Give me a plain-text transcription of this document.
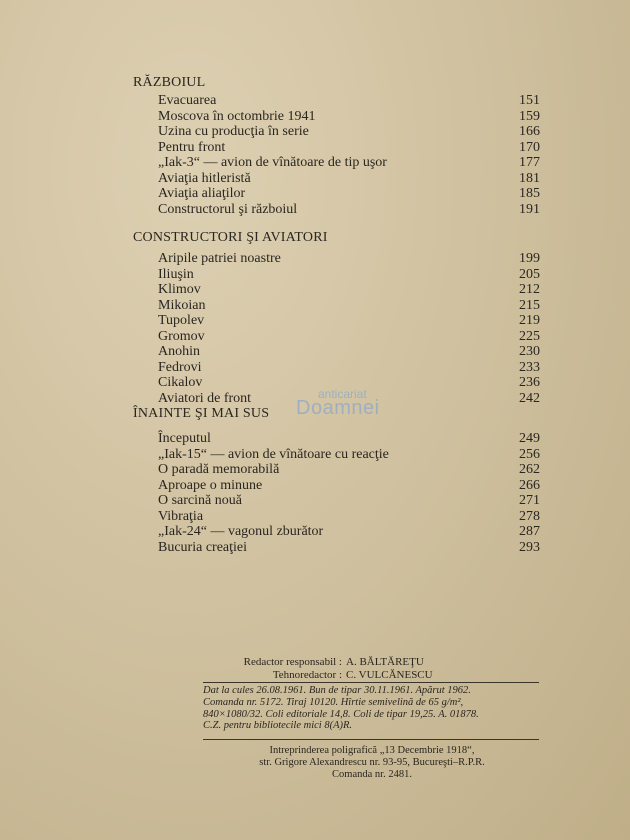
RĂZBOIUL
Evacuarea	151
Moscova în octombrie 1941	159
Uzina cu producţia în serie	166
Pentru front	170
„Iak-3“ — avion de vînătoare de tip uşor	177
Aviaţia hitleristă	181
Aviaţia aliaţilor	185
Constructorul şi războiul	191
CONSTRUCTORI ŞI AVIATORI
Aripile patriei noastre	199
Iliuşin	205
Klimov	212
Mikoian	215
Tupolev	219
Gromov	225
Anohin	230
Fedrovi	233
Cikalov	236
Aviatori de front	242
anticariat
Doamnei
ÎNAINTE ŞI MAI SUS
Începutul	249
„Iak-15“ — avion de vînătoare cu reacţie	256
O paradă memorabilă	262
Aproape o minune	266
O sarcină nouă	271
Vibraţia	278
„Iak-24“ — vagonul zburător	287
Bucuria creaţiei	293
Redactor responsabil : A. BĂLTĂREŢU
Tehnoredactor : C. VULCĂNESCU
Dat la cules 26.08.1961. Bun de tipar 30.11.1961. Apărut 1962.
Comanda nr. 5172. Tiraj 10120. Hîrtie semivelină de 65 g/m²,
840×1080/32. Coli editoriale 14,8. Coli de tipar 19,25. A. 01878.
C.Z. pentru bibliotecile mici 8(A)R.
Intreprinderea poligrafică „13 Decembrie 1918“,
str. Grigore Alexandrescu nr. 93-95, Bucureşti–R.P.R.
Comanda nr. 2481.
